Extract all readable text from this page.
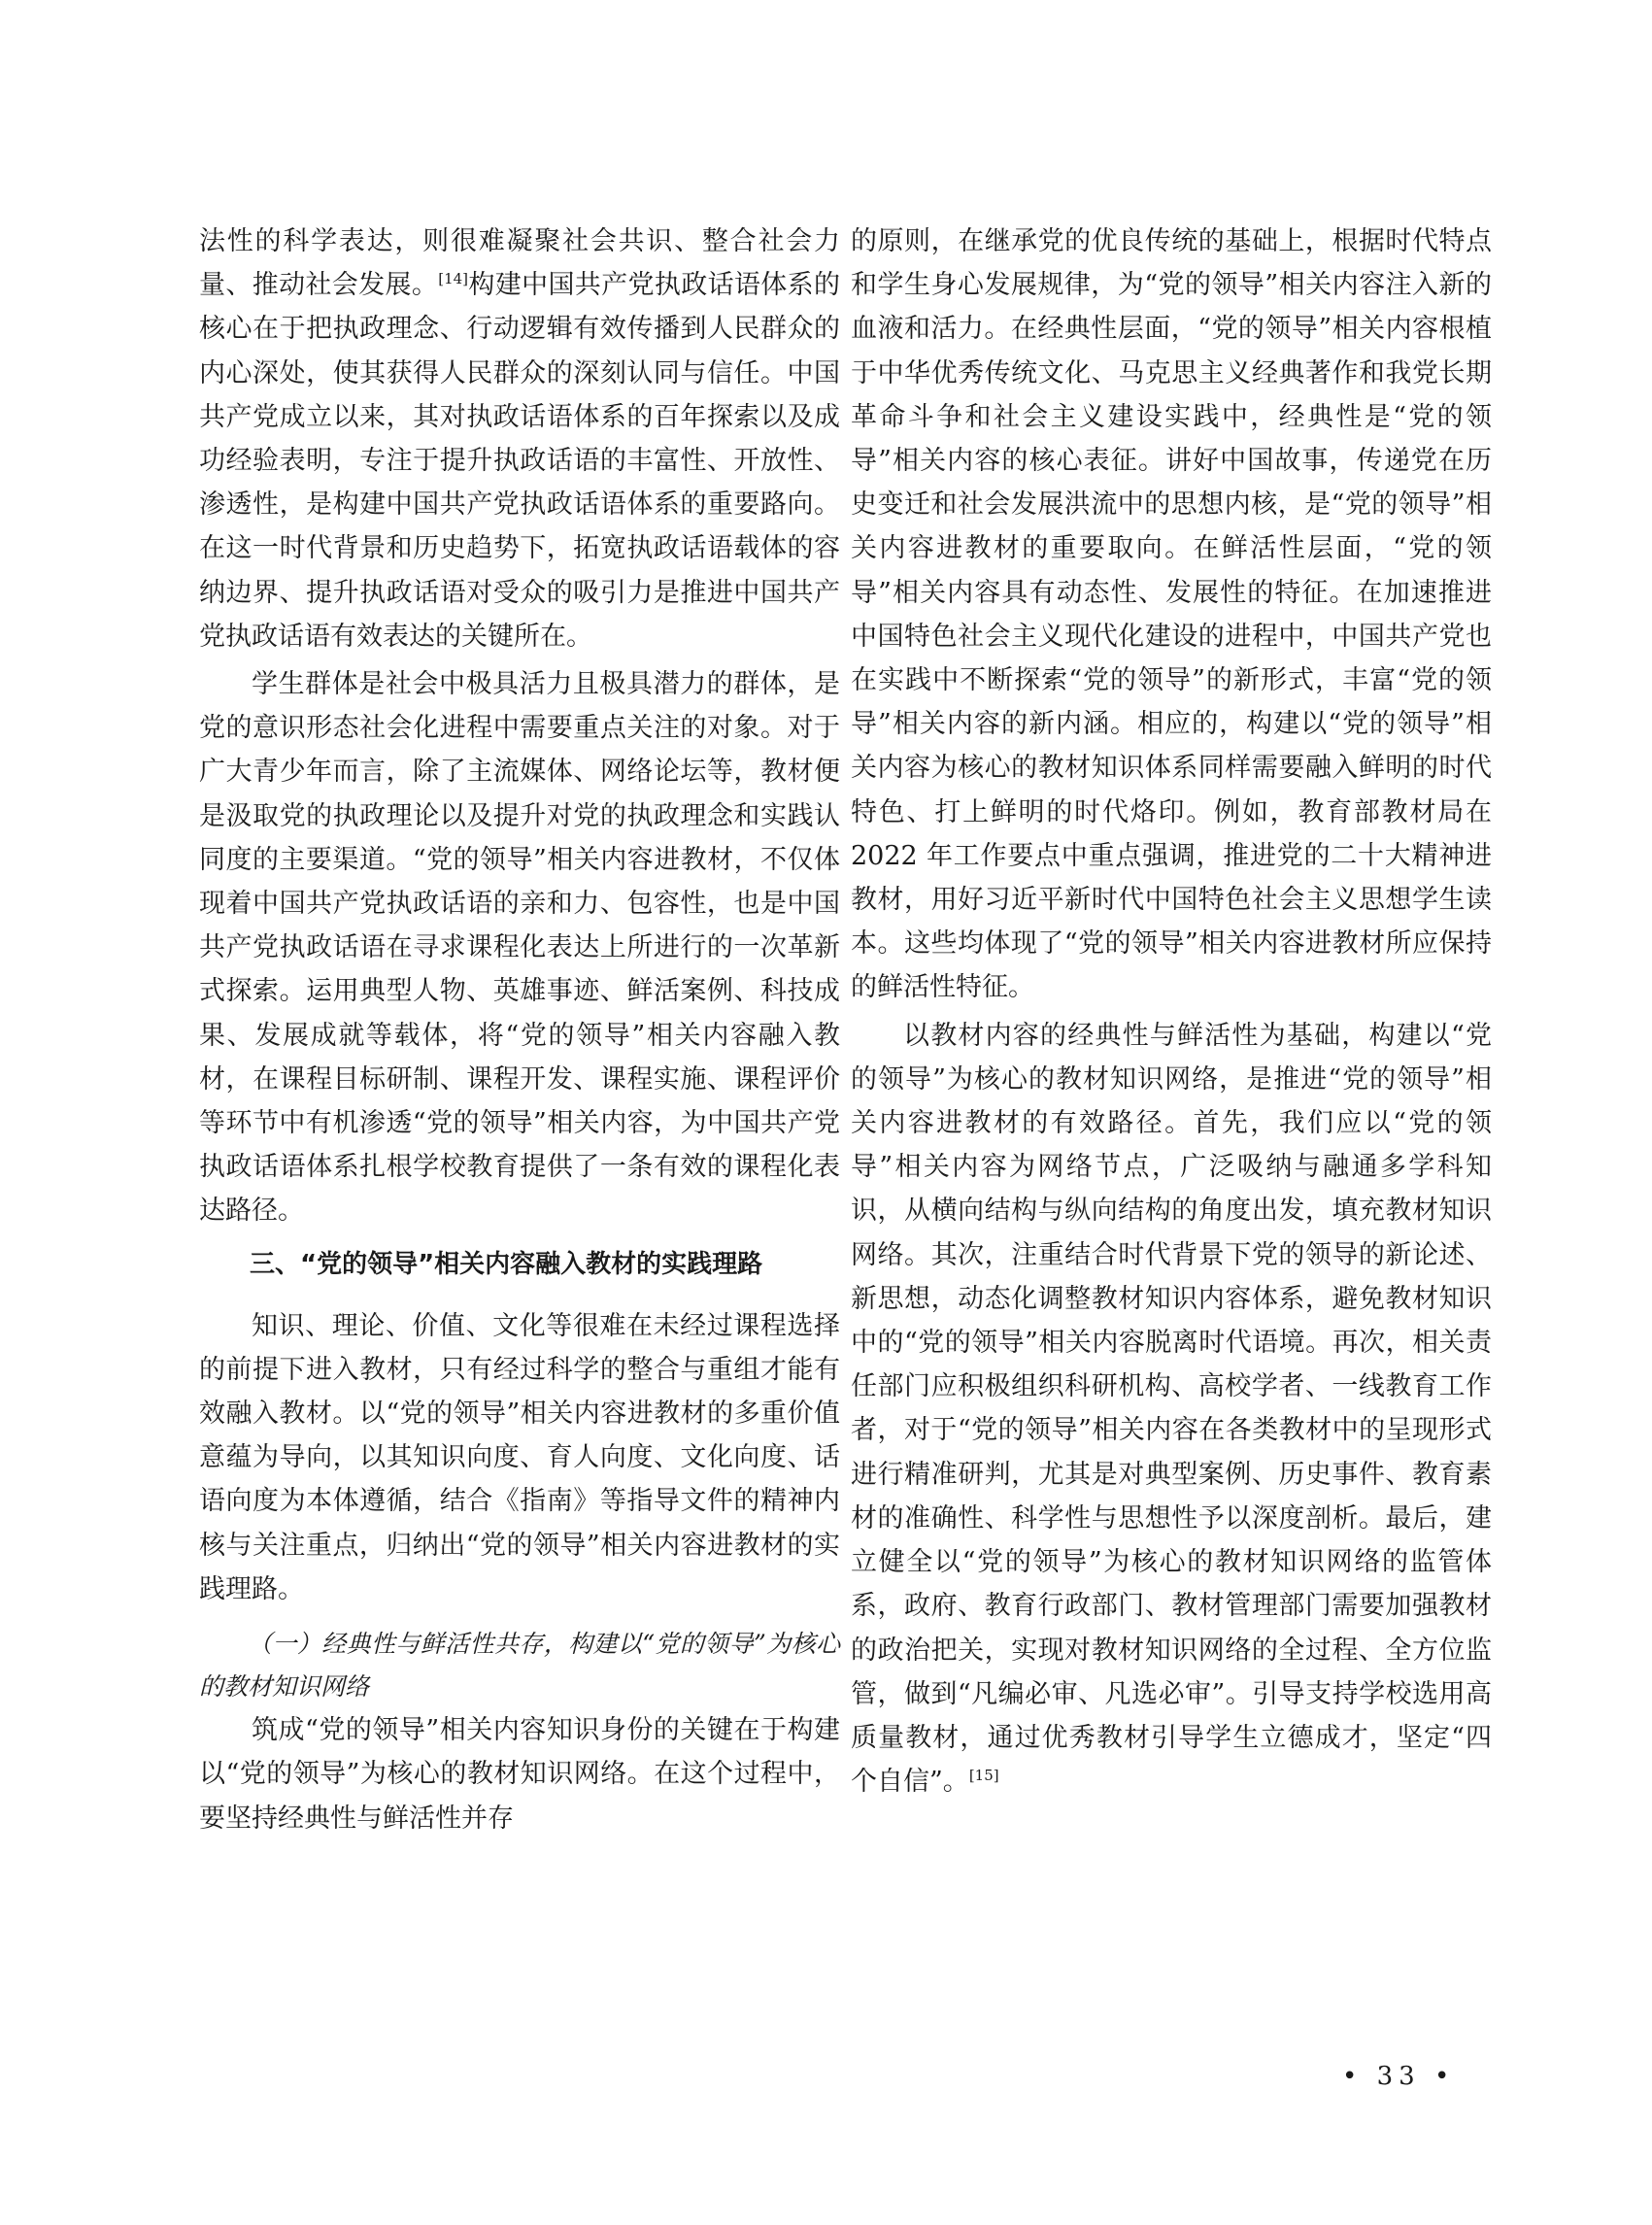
法性的科学表达，则很难凝聚社会共识、整合社会力量、推动社会发展。[14]构建中国共产党执政话语体系的核心在于把执政理念、行动逻辑有效传播到人民群众的内心深处，使其获得人民群众的深刻认同与信任。中国共产党成立以来，其对执政话语体系的百年探索以及成功经验表明，专注于提升执政话语的丰富性、开放性、渗透性，是构建中国共产党执政话语体系的重要路向。在这一时代背景和历史趋势下，拓宽执政话语载体的容纳边界、提升执政话语对受众的吸引力是推进中国共产党执政话语有效表达的关键所在。

学生群体是社会中极具活力且极具潜力的群体，是党的意识形态社会化进程中需要重点关注的对象。对于广大青少年而言，除了主流媒体、网络论坛等，教材便是汲取党的执政理论以及提升对党的执政理念和实践认同度的主要渠道。“党的领导”相关内容进教材，不仅体现着中国共产党执政话语的亲和力、包容性，也是中国共产党执政话语在寻求课程化表达上所进行的一次革新式探索。运用典型人物、英雄事迹、鲜活案例、科技成果、发展成就等载体，将“党的领导”相关内容融入教材，在课程目标研制、课程开发、课程实施、课程评价等环节中有机渗透“党的领导”相关内容，为中国共产党执政话语体系扎根学校教育提供了一条有效的课程化表达路径。

三、“党的领导”相关内容融入教材的实践理路

知识、理论、价值、文化等很难在未经过课程选择的前提下进入教材，只有经过科学的整合与重组才能有效融入教材。以“党的领导”相关内容进教材的多重价值意蕴为导向，以其知识向度、育人向度、文化向度、话语向度为本体遵循，结合《指南》等指导文件的精神内核与关注重点，归纳出“党的领导”相关内容进教材的实践理路。

（一）经典性与鲜活性共存，构建以“党的领导”为核心的教材知识网络

筑成“党的领导”相关内容知识身份的关键在于构建以“党的领导”为核心的教材知识网络。在这个过程中，要坚持经典性与鲜活性并存

的原则，在继承党的优良传统的基础上，根据时代特点和学生身心发展规律，为“党的领导”相关内容注入新的血液和活力。在经典性层面，“党的领导”相关内容根植于中华优秀传统文化、马克思主义经典著作和我党长期革命斗争和社会主义建设实践中，经典性是“党的领导”相关内容的核心表征。讲好中国故事，传递党在历史变迁和社会发展洪流中的思想内核，是“党的领导”相关内容进教材的重要取向。在鲜活性层面，“党的领导”相关内容具有动态性、发展性的特征。在加速推进中国特色社会主义现代化建设的进程中，中国共产党也在实践中不断探索“党的领导”的新形式，丰富“党的领导”相关内容的新内涵。相应的，构建以“党的领导”相关内容为核心的教材知识体系同样需要融入鲜明的时代特色、打上鲜明的时代烙印。例如，教育部教材局在 2022 年工作要点中重点强调，推进党的二十大精神进教材，用好习近平新时代中国特色社会主义思想学生读本。这些均体现了“党的领导”相关内容进教材所应保持的鲜活性特征。

以教材内容的经典性与鲜活性为基础，构建以“党的领导”为核心的教材知识网络，是推进“党的领导”相关内容进教材的有效路径。首先，我们应以“党的领导”相关内容为网络节点，广泛吸纳与融通多学科知识，从横向结构与纵向结构的角度出发，填充教材知识网络。其次，注重结合时代背景下党的领导的新论述、新思想，动态化调整教材知识内容体系，避免教材知识中的“党的领导”相关内容脱离时代语境。再次，相关责任部门应积极组织科研机构、高校学者、一线教育工作者，对于“党的领导”相关内容在各类教材中的呈现形式进行精准研判，尤其是对典型案例、历史事件、教育素材的准确性、科学性与思想性予以深度剖析。最后，建立健全以“党的领导”为核心的教材知识网络的监管体系，政府、教育行政部门、教材管理部门需要加强教材的政治把关，实现对教材知识网络的全过程、全方位监管，做到“凡编必审、凡选必审”。引导支持学校选用高质量教材，通过优秀教材引导学生立德成才，坚定“四个自信”。[15]

• 33 •
